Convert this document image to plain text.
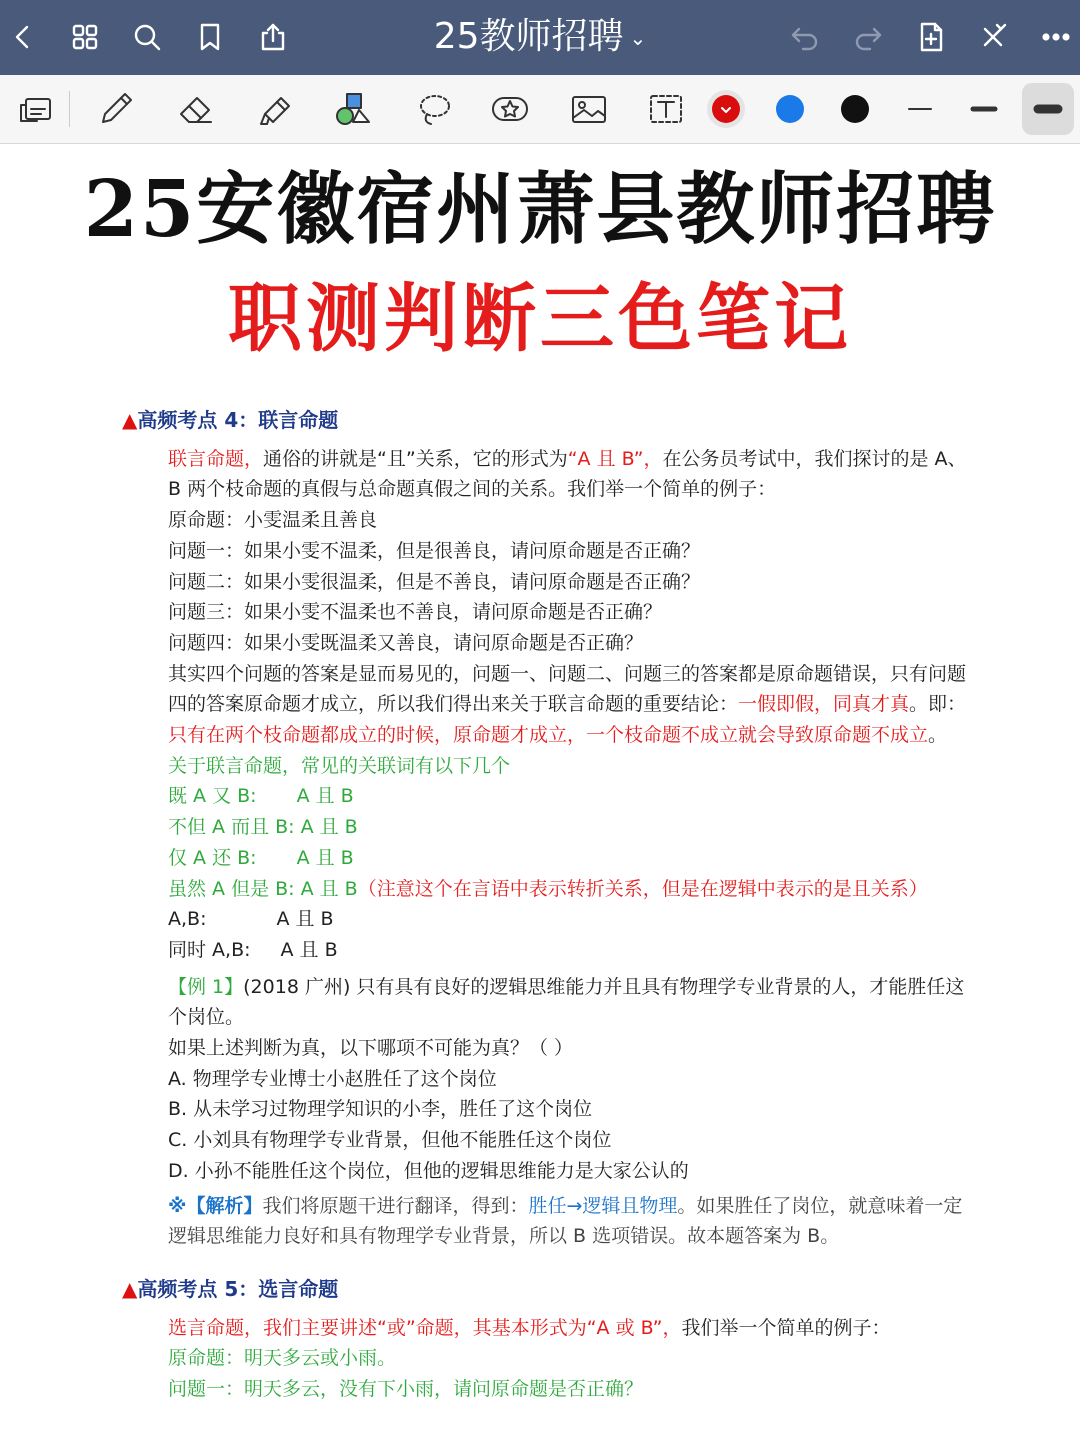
25教师招聘 ⌄
25安徽宿州萧县教师招聘
职测判断三色笔记

▲高频考点 4：联言命题

联言命题，通俗的讲就是“且”关系，它的形式为“A 且 B”，在公务员考试中，我们探讨的是 A、B 两个枝命题的真假与总命题真假之间的关系。我们举一个简单的例子：

原命题：小雯温柔且善良

问题一：如果小雯不温柔，但是很善良，请问原命题是否正确？

问题二：如果小雯很温柔，但是不善良，请问原命题是否正确？

问题三：如果小雯不温柔也不善良，请问原命题是否正确？

问题四：如果小雯既温柔又善良，请问原命题是否正确？

其实四个问题的答案是显而易见的，问题一、问题二、问题三的答案都是原命题错误，只有问题四的答案原命题才成立，所以我们得出来关于联言命题的重要结论：一假即假，同真才真。即：只有在两个枝命题都成立的时候，原命题才成立，一个枝命题不成立就会导致原命题不成立。

关于联言命题，常见的关联词有以下几个

既 A 又 B: A 且 B

不但 A 而且 B: A 且 B

仅 A 还 B: A 且 B

虽然 A 但是 B: A 且 B（注意这个在言语中表示转折关系，但是在逻辑中表示的是且关系）

A,B:	A 且 B

同时 A,B: A 且 B

【例 1】(2018 广州) 只有具有良好的逻辑思维能力并且具有物理学专业背景的人，才能胜任这个岗位。

如果上述判断为真，以下哪项不可能为真？（ ）

A. 物理学专业博士小赵胜任了这个岗位

B. 从未学习过物理学知识的小李，胜任了这个岗位

C. 小刘具有物理学专业背景，但他不能胜任这个岗位

D. 小孙不能胜任这个岗位，但他的逻辑思维能力是大家公认的

※【解析】我们将原题干进行翻译，得到：胜任→逻辑且物理。如果胜任了岗位，就意味着一定逻辑思维能力良好和具有物理学专业背景，所以 B 选项错误。故本题答案为 B。

▲高频考点 5：选言命题

选言命题，我们主要讲述“或”命题，其基本形式为“A 或 B”，我们举一个简单的例子：

原命题：明天多云或小雨。

问题一：明天多云，没有下小雨，请问原命题是否正确？
